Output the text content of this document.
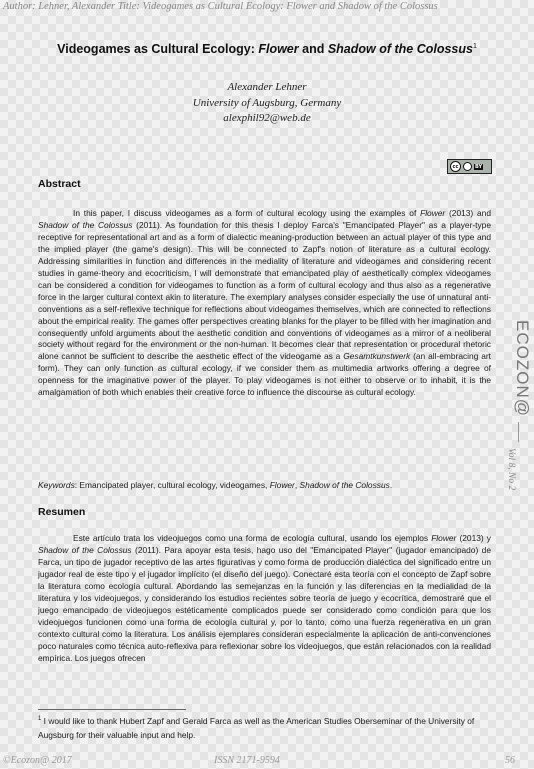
Author: Lehner, Alexander Title: Videogames as Cultural Ecology: Flower and Shadow of the Colossus
Videogames as Cultural Ecology: Flower and Shadow of the Colossus$^1$
Alexander Lehner
University of Augsburg, Germany
alexphil92@web.de
cc	BY
Abstract
In this paper, I discuss videogames as a form of cultural ecology using the examples of Flower (2013) and Shadow of the Colossus (2011). As foundation for this thesis I deploy Farca's "Emancipated Player" as a player-type receptive for representational art and as a form of dialectic meaning-production between an actual player of this type and the implied player (the game's design). This will be connected to Zapf's notion of literature as a cultural ecology. Addressing similarities in function and differences in the mediality of literature and videogames and considering recent studies in game-theory and ecocriticism, I will demonstrate that emancipated play of aesthetically complex videogames can be considered a condition for videogames to function as a form of cultural ecology and thus also as a regenerative force in the larger cultural context akin to literature. The exemplary analyses consider especially the use of unnatural anti-conventions as a self-reflexive technique for reflections about videogames themselves, which are connected to reflections about the empirical reality. The games offer perspectives creating blanks for the player to be filled with her imagination and consequently unfold arguments about the aesthetic condition and conventions of videogames as a mirror of a neoliberal society without regard for the environment or the non-human. It becomes clear that representation or procedural rhetoric alone cannot be sufficient to describe the aesthetic effect of the videogame as a Gesamtkunstwerk (an all-embracing art form). They can only function as cultural ecology, if we consider them as multimedia artworks offering a degree of openness for the imaginative power of the player. To play videogames is not either to observe or to inhabit, it is the amalgamation of both which enables their creative force to influence the discourse as cultural ecology.
Keywords: Emancipated player, cultural ecology, videogames, Flower, Shadow of the Colossus.
Resumen
Este artículo trata los videojuegos como una forma de ecología cultural, usando los ejemplos Flower (2013) y Shadow of the Colossus (2011). Para apoyar esta tesis, hago uso del "Emancipated Player" (jugador emancipado) de Farca, un tipo de jugador receptivo de las artes figurativas y como forma de producción dialéctica del significado entre un jugador real de este tipo y el jugador implícito (el diseño del juego). Conectaré esta teoría con el concepto de Zapf sobre la literatura como ecología cultural. Abordando las semejanzas en la función y las diferencias en la medialidad de la literatura y los videojuegos, y considerando los estudios recientes sobre teoría de juego y ecocrítica, demostraré que el juego emancipado de videojuegos estéticamente complicados puede ser considerado como condición para que los videojuegos funcionen como una forma de ecología cultural y, por lo tanto, como una fuerza regenerativa en un gran contexto cultural como la literatura. Los análisis ejemplares consideran especialmente la aplicación de anti-convenciones poco naturales como técnica auto-reflexiva para reflexionar sobre los videojuegos, que están relacionados con la realidad empírica. Los juegos ofrecen
$^1$ I would like to thank Hubert Zapf and Gerald Farca as well as the American Studies Oberseminar of the University of Augsburg for their valuable input and help.
©Ecozon@ 2017	ISSN 2171-9594	56
ECOZON@
Vol 8, No 2
